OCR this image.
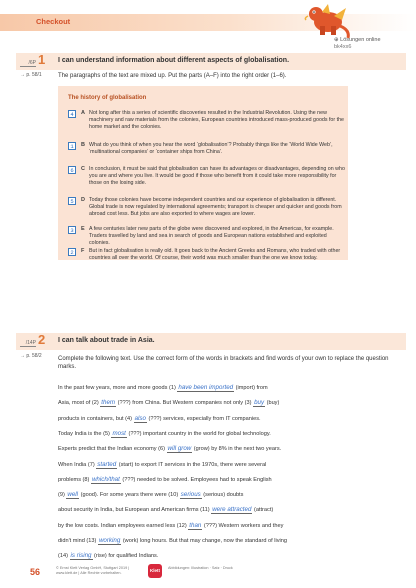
Checkout
⊕ Lösungen online
bk4xx6
/6P 1 I can understand information about different aspects of globalisation.
→ p. 58/1	The paragraphs of the text are mixed up. Put the parts (A–F) into the right order (1–6).
The history of globalisation
4	A Not long after this a series of scientific discoveries resulted in the Industrial Revolution. Using the new machinery and raw materials from the colonies, European countries introduced mass-produced goods for the home market and the colonies.
1	B What do you think of when you hear the word ‘globalisation’? Probably things like the ‘World Wide Web’, ‘multinational companies’ or ‘container ships from China’.
6	C In conclusion, it must be said that globalisation can have its advantages or disadvantages, depending on who you are and where you live. It would be good if those who benefit from it could take more responsibility for those on the losing side.
5	D Today those colonies have become independent countries and our experience of globalisation is different. Global trade is now regulated by international agreements; transport is cheaper and quicker and goods from abroad cost less. But jobs are also exported to where wages are lower.
3	E A few centuries later new parts of the globe were discovered and explored, in the Americas, for example. Traders travelled by land and sea in search of goods and European nations established and exploited colonies.
2	F But in fact globalisation is really old. It goes back to the Ancient Greeks and Romans, who traded with other countries all over the world. Of course, their world was much smaller than the one we know today.
/14P 2 I can talk about trade in Asia.
→ p. 58/2	Complete the following text. Use the correct form of the words in brackets and find words of your own to replace the question marks.
In the past few years, more and more goods (1) have been imported (import) from
Asia, most of (2) them (???) from China. But Western companies not only (3) buy (buy)
products in containers, but (4) also (???) services, especially from IT companies.
Today India is the (5) most (???) important country in the world for global technology.
Experts predict that the Indian economy (6) will grow (grow) by 8% in the next two years.
When India (7) started (start) to export IT services in the 1970s, there were several
problems (8) which/that (???) needed to be solved. Employees had to speak English
(9) well (good). For some years there were (10) serious (serious) doubts
about security in India, but European and American firms (11) were attracted (attract)
by the low costs. Indian employees earned less (12) than (???) Western workers and they
didn't mind (13) working (work) long hours. But that may change, now the standard of living
(14) is rising (rise) for qualified Indians.
56	© Ernst Klett Verlag GmbH, Stuttgart 2019 | www.klett.de | Alle Rechte vorbehalten.	Klett	Abbildungen: Illustration · Satz · Druck
